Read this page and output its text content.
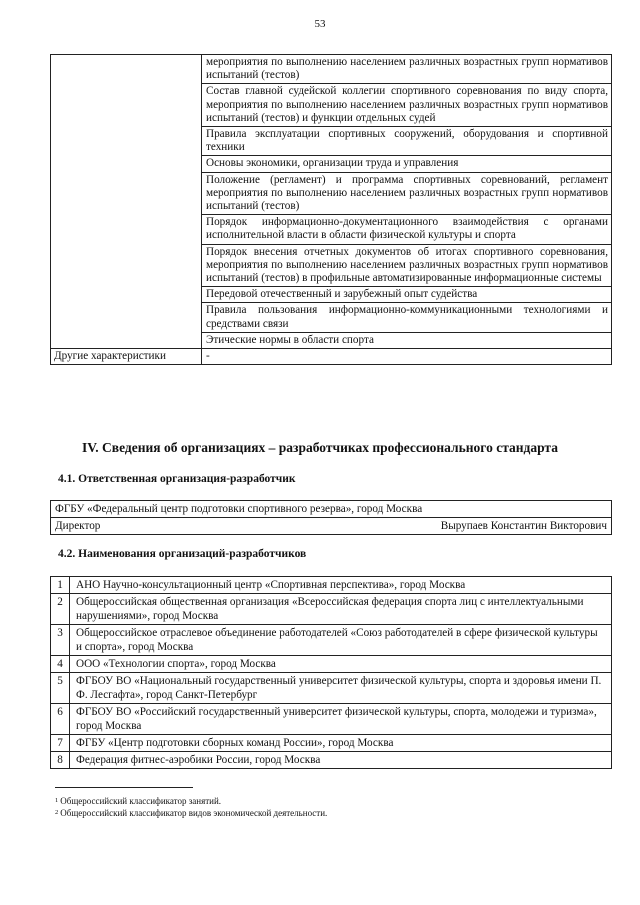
53
	мероприятия по выполнению населением различных возрастных групп нормативов испытаний (тестов)
	Состав главной судейской коллегии спортивного соревнования по виду спорта, мероприятия по выполнению населением различных возрастных групп нормативов испытаний (тестов) и функции отдельных судей
	Правила эксплуатации спортивных сооружений, оборудования и спортивной техники
	Основы экономики, организации труда и управления
	Положение (регламент) и программа спортивных соревнований, регламент мероприятия по выполнению населением различных возрастных групп нормативов испытаний (тестов)
	Порядок информационно-документационного взаимодействия с органами исполнительной власти в области физической культуры и спорта
	Порядок внесения отчетных документов об итогах спортивного соревнования, мероприятия по выполнению населением различных возрастных групп нормативов испытаний (тестов) в профильные автоматизированные информационные системы
	Передовой отечественный и зарубежный опыт судейства
	Правила пользования информационно-коммуникационными технологиями и средствами связи
	Этические нормы в области спорта
Другие характеристики	-
IV. Сведения об организациях – разработчиках профессионального стандарта
4.1. Ответственная организация-разработчик
ФГБУ «Федеральный центр подготовки спортивного резерва», город Москва

Директор	Вырупаев Константин Викторович
4.2. Наименования организаций-разработчиков
1	АНО Научно-консультационный центр «Спортивная перспектива», город Москва
2	Общероссийская общественная организация «Всероссийская федерация спорта лиц с интеллектуальными нарушениями», город Москва
3	Общероссийское отраслевое объединение работодателей «Союз работодателей в сфере физической культуры и спорта», город Москва
4	ООО «Технологии спорта», город Москва
5	ФГБОУ ВО «Национальный государственный университет физической культуры, спорта и здоровья имени П. Ф. Лесгафта», город Санкт-Петербург
6	ФГБОУ ВО «Российский государственный университет физической культуры, спорта, молодежи и туризма», город Москва
7	ФГБУ «Центр подготовки сборных команд России», город Москва
8	Федерация фитнес-аэробики России, город Москва
$^1$ Общероссийский классификатор занятий.
$^2$ Общероссийский классификатор видов экономической деятельности.
